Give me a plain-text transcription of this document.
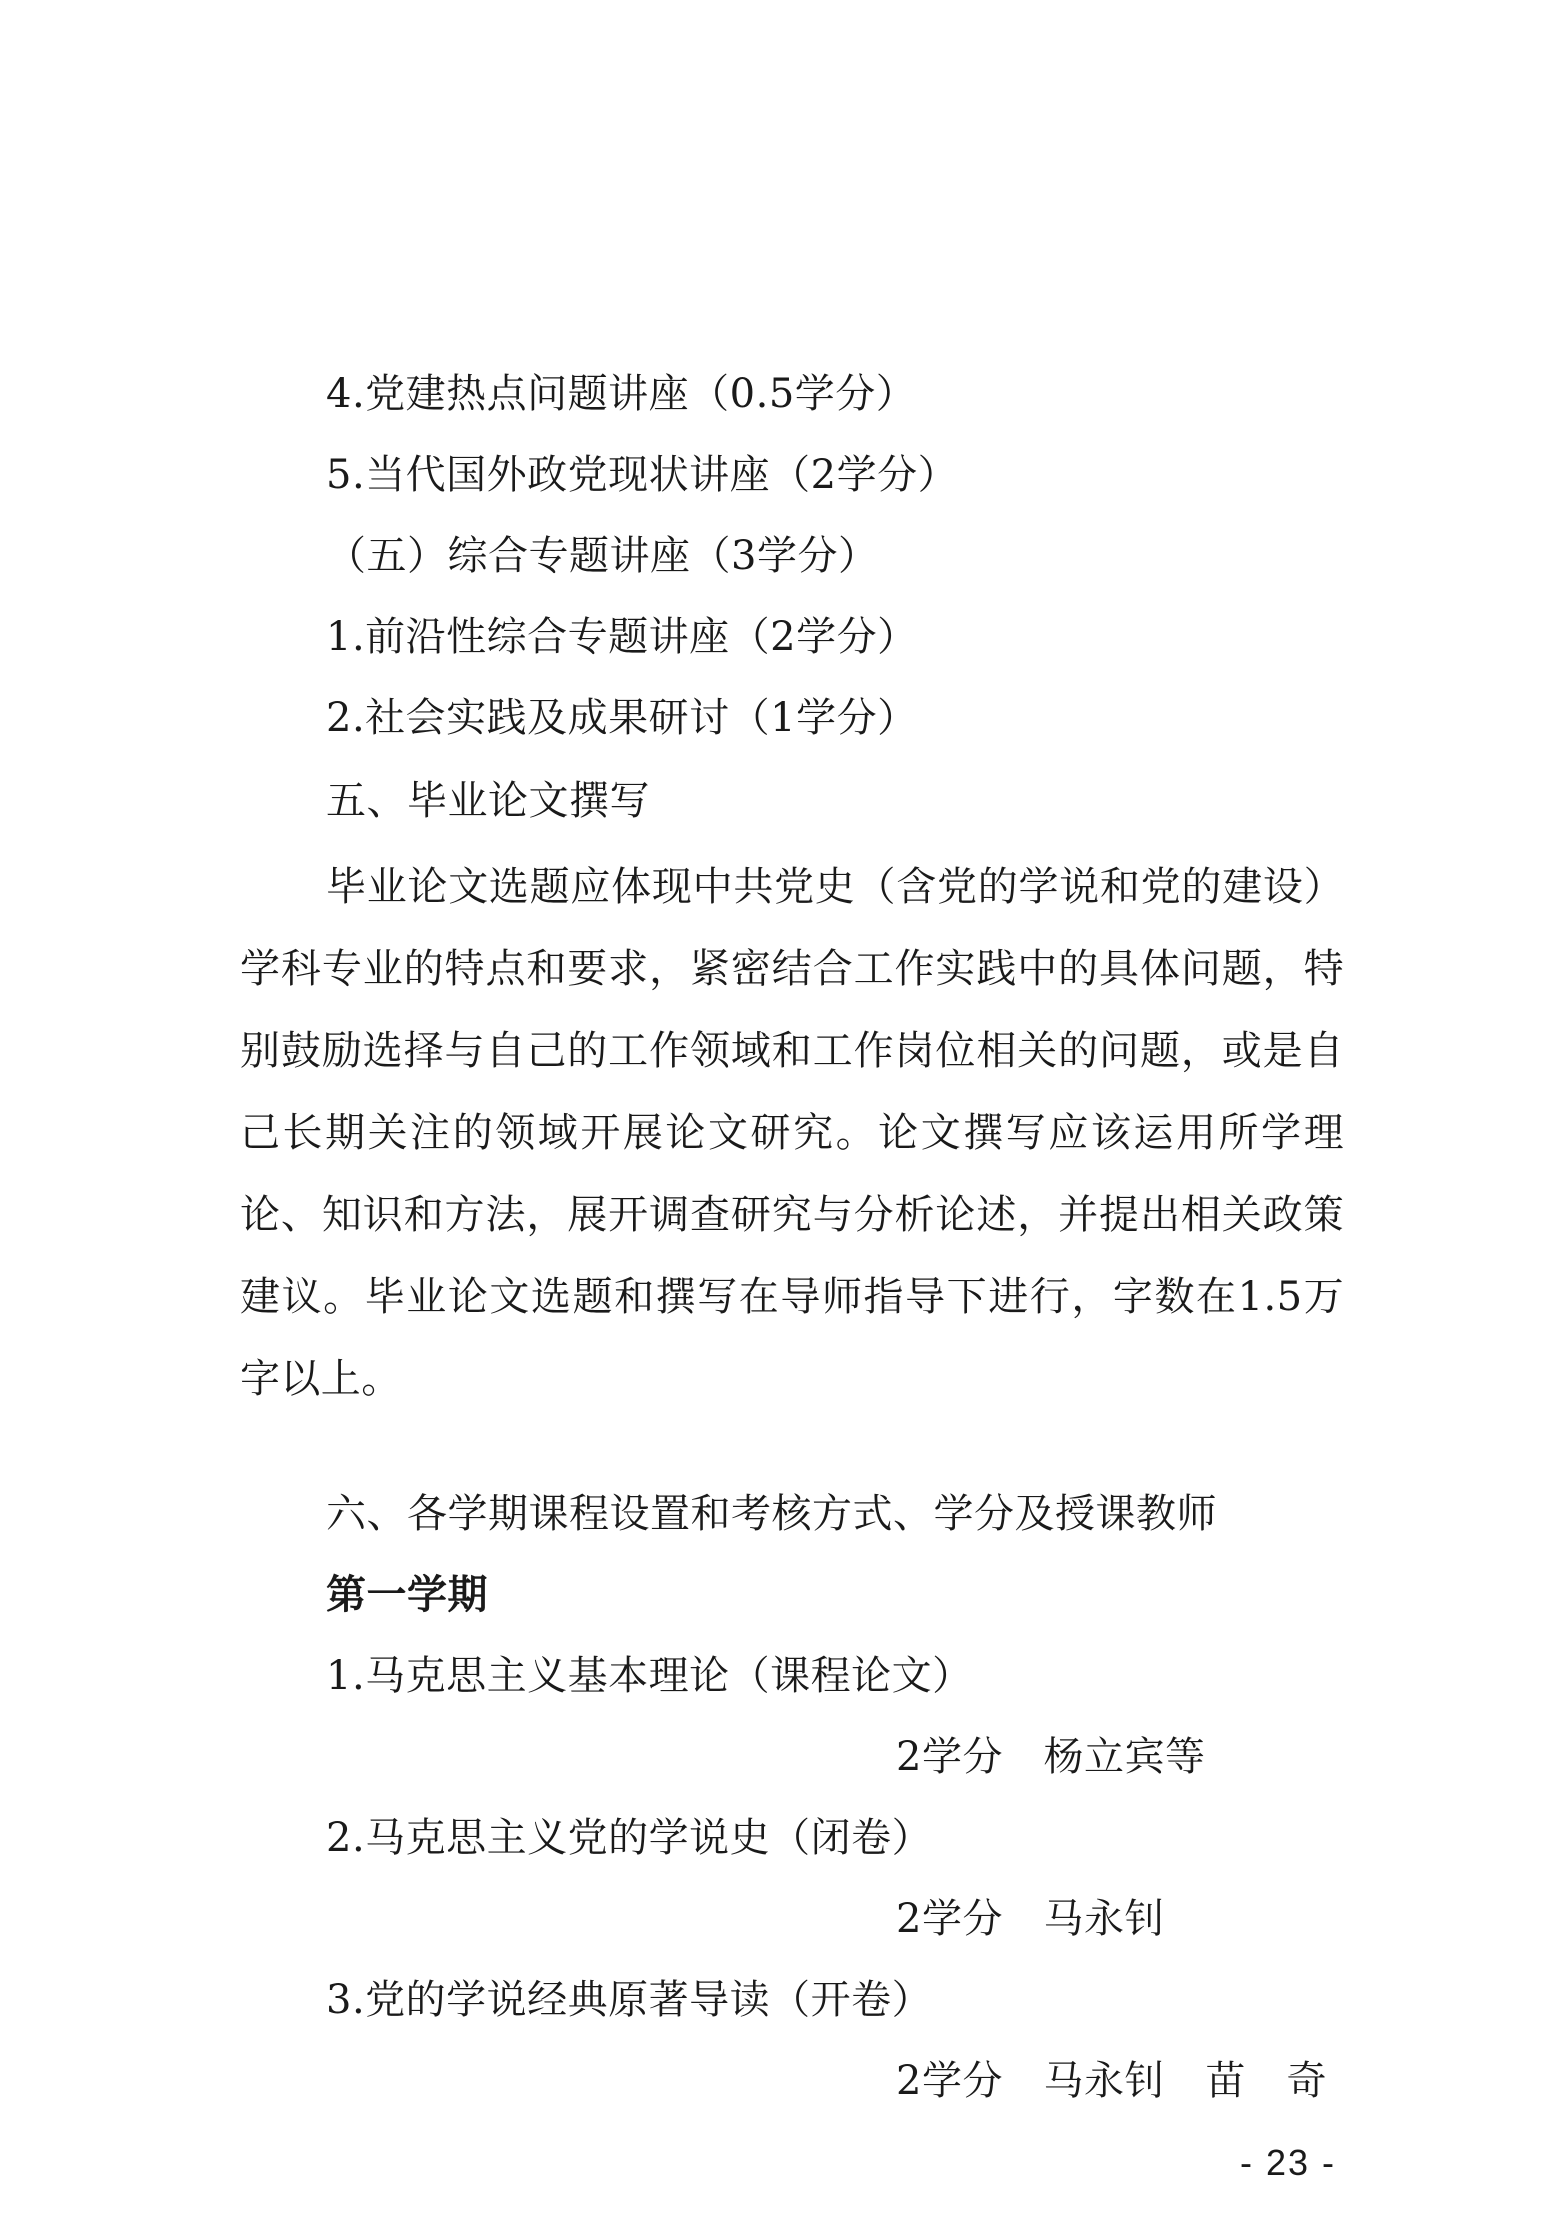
4.党建热点问题讲座（0.5学分）
5.当代国外政党现状讲座（2学分）
（五）综合专题讲座（3学分）
1.前沿性综合专题讲座（2学分）
2.社会实践及成果研讨（1学分）
五、毕业论文撰写
毕业论文选题应体现中共党史（含党的学说和党的建设）学科专业的特点和要求，紧密结合工作实践中的具体问题，特别鼓励选择与自己的工作领域和工作岗位相关的问题，或是自己长期关注的领域开展论文研究。论文撰写应该运用所学理论、知识和方法，展开调查研究与分析论述，并提出相关政策建议。毕业论文选题和撰写在导师指导下进行，字数在1.5万字以上。
六、各学期课程设置和考核方式、学分及授课教师
第一学期
1.马克思主义基本理论（课程论文）
2学分　杨立宾等
2.马克思主义党的学说史（闭卷）
2学分　马永钊
3.党的学说经典原著导读（开卷）
2学分　马永钊　苗　奇
- 23 -
